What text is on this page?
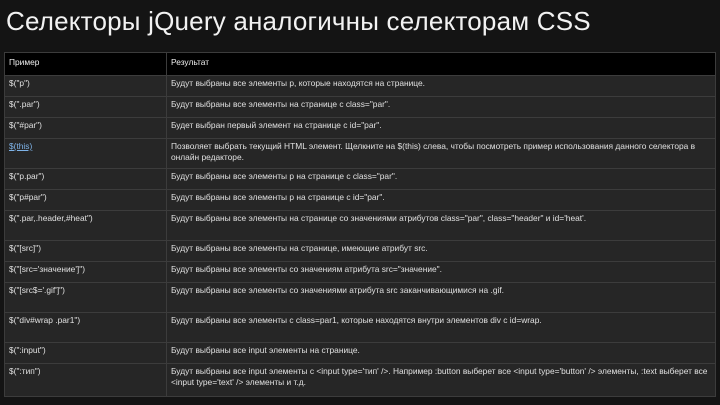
Селекторы jQuery аналогичны селекторам CSS
Пример	Результат
$("p")	Будут выбраны все элементы p, которые находятся на странице.
$(".par")	Будут выбраны все элементы на странице с class="par".
$("#par")	Будет выбран первый элемент на странице с id="par".
$(this)	Позволяет выбрать текущий HTML элемент. Щелкните на $(this) слева, чтобы посмотреть пример использования данного селектора в онлайн редакторе.
$("p.par")	Будут выбраны все элементы p на странице с class="par".
$("p#par")	Будут выбраны все элементы p на странице с id="par".
$(".par,.header,#heat")	Будут выбраны все элементы на странице со значениями атрибутов class="par", class="header" и id='heat'.
$("[src]")	Будут выбраны все элементы на странице, имеющие атрибут src.
$("[src='значение']")	Будут выбраны все элементы со значениям атрибута src="значение".
$("[src$='.gif']")	Будут выбраны все элементы со значениями атрибута src заканчивающимися на .gif.
$("div#wrap .par1")	Будут выбраны все элементы с class=par1, которые находятся внутри элементов div с id=wrap.
$(":input")	Будут выбраны все input элементы на странице.
$(":тип")	Будут выбраны все input элементы с <input type='тип' />. Например :button выберет все <input type='button' /> элементы, :text выберет все <input type='text' /> элементы и т.д.
